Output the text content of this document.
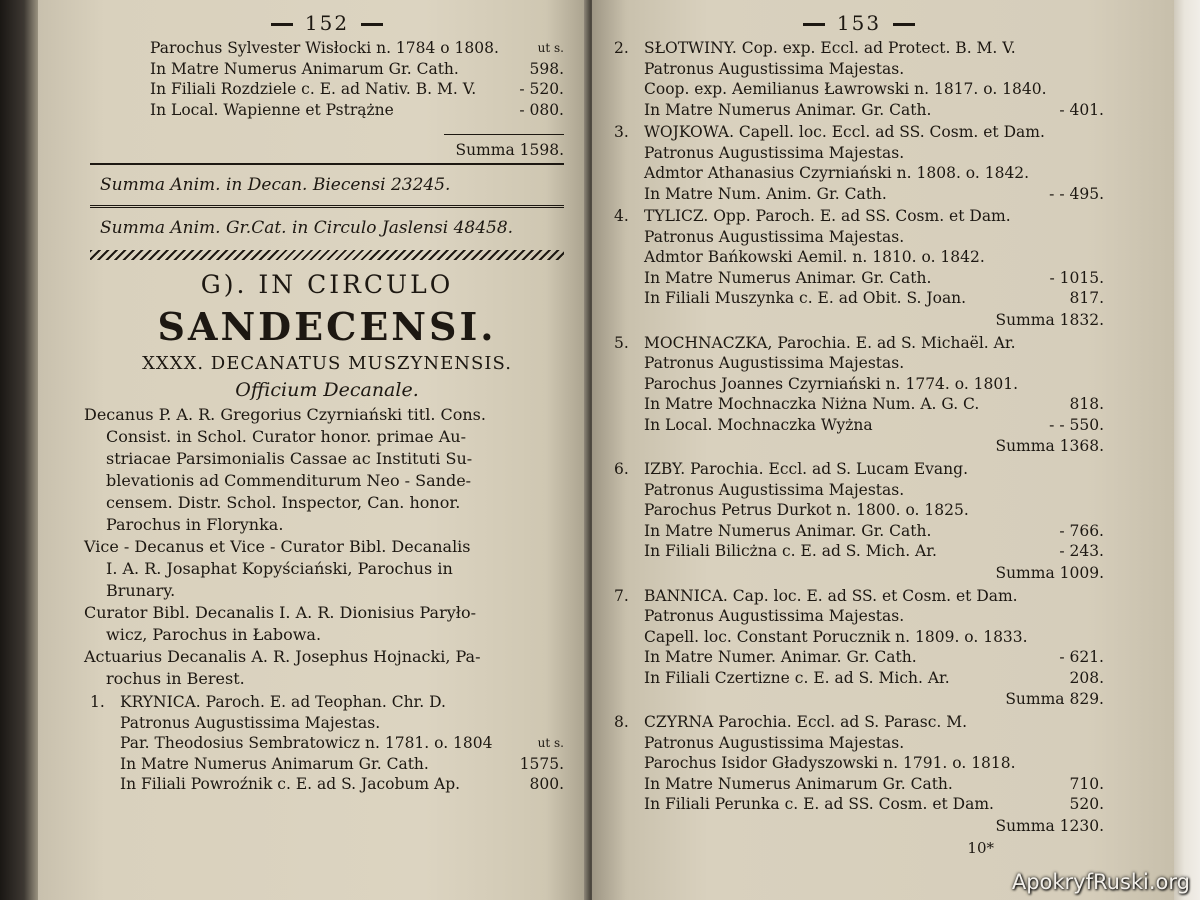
152
Parochus Sylvester Wisłocki n. 1784 o 1808.	ut s.
In Matre Numerus Animarum Gr. Cath.	598.
In Filiali Rozdziele c. E. ad Nativ. B. M. V.	- 520.
In Local. Wapienne et Pstrążne	- 080.
Summa 1598.
Summa Anim. in Decan. Biecensi 23245.
Summa Anim. Gr.Cat. in Circulo Jaslensi 48458.
G). IN CIRCULO
SANDECENSI.
XXXX. DECANATUS MUSZYNENSIS.
Officium Decanale.
Decanus P. A. R. Gregorius Czyrniański titl. Cons.
Consist. in Schol. Curator honor. primae Au-
striacae Parsimonialis Cassae ac Instituti Su-
blevationis ad Commenditurum Neo - Sande-
censem. Distr. Schol. Inspector, Can. honor.
Parochus in Florynka.
Vice - Decanus et Vice - Curator Bibl. Decanalis
I. A. R. Josaphat Kopyściański, Parochus in
Brunary.
Curator Bibl. Decanalis I. A. R. Dionisius Paryło-
wicz, Parochus in Łabowa.
Actuarius Decanalis A. R. Josephus Hojnacki, Pa-
rochus in Berest.
1. KRYNICA. Paroch. E. ad Teophan. Chr. D.
Patronus Augustissima Majestas.
Par. Theodosius Sembratowicz n. 1781. o. 1804	ut s.
In Matre Numerus Animarum Gr. Cath.	1575.
In Filiali Powroźnik c. E. ad S. Jacobum Ap.	800.
153
2. SŁOTWINY. Cop. exp. Eccl. ad Protect. B. M. V.
Patronus Augustissima Majestas.
Coop. exp. Aemilianus Ławrowski n. 1817. o. 1840.
In Matre Numerus Animar. Gr. Cath.	- 401.
3. WOJKOWA. Capell. loc. Eccl. ad SS. Cosm. et Dam.
Patronus Augustissima Majestas.
Admtor Athanasius Czyrniański n. 1808. o. 1842.
In Matre Num. Anim. Gr. Cath.	- - 495.
4. TYLICZ. Opp. Paroch. E. ad SS. Cosm. et Dam.
Patronus Augustissima Majestas.
Admtor Bańkowski Aemil. n. 1810. o. 1842.
In Matre Numerus Animar. Gr. Cath.	- 1015.
In Filiali Muszynka c. E. ad Obit. S. Joan.	817.
Summa 1832.
5. MOCHNACZKA, Parochia. E. ad S. Michaël. Ar.
Patronus Augustissima Majestas.
Parochus Joannes Czyrniański n. 1774. o. 1801.
In Matre Mochnaczka Niżna Num. A. G. C.	818.
In Local. Mochnaczka Wyżna	- - 550.
Summa 1368.
6. IZBY. Parochia. Eccl. ad S. Lucam Evang.
Patronus Augustissima Majestas.
Parochus Petrus Durkot n. 1800. o. 1825.
In Matre Numerus Animar. Gr. Cath.	- 766.
In Filiali Bilicżna c. E. ad S. Mich. Ar.	- 243.
Summa 1009.
7. BANNICA. Cap. loc. E. ad SS. et Cosm. et Dam.
Patronus Augustissima Majestas.
Capell. loc. Constant Porucznik n. 1809. o. 1833.
In Matre Numer. Animar. Gr. Cath.	- 621.
In Filiali Czertizne c. E. ad S. Mich. Ar.	208.
Summa 829.
8. CZYRNA Parochia. Eccl. ad S. Parasc. M.
Patronus Augustissima Majestas.
Parochus Isidor Gładyszowski n. 1791. o. 1818.
In Matre Numerus Animarum Gr. Cath.	710.
In Filiali Perunka c. E. ad SS. Cosm. et Dam.	520.
Summa 1230.
10*
ApokryfRuski.org
